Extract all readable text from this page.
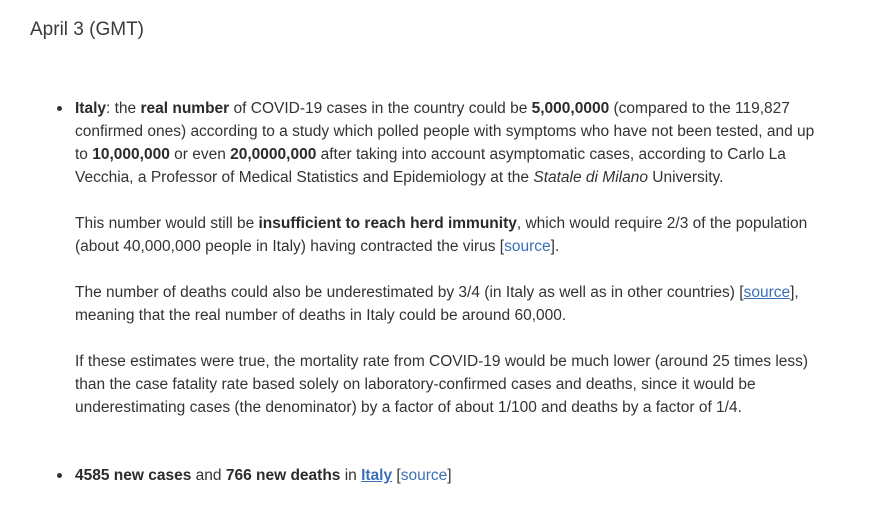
April 3 (GMT)

Italy: the real number of COVID-19 cases in the country could be 5,000,0000 (compared to the 119,827 confirmed ones) according to a study which polled people with symptoms who have not been tested, and up to 10,000,000 or even 20,0000,000 after taking into account asymptomatic cases, according to Carlo La Vecchia, a Professor of Medical Statistics and Epidemiology at the Statale di Milano University.

This number would still be insufficient to reach herd immunity, which would require 2/3 of the population (about 40,000,000 people in Italy) having contracted the virus [source].

The number of deaths could also be underestimated by 3/4 (in Italy as well as in other countries) [source], meaning that the real number of deaths in Italy could be around 60,000.

If these estimates were true, the mortality rate from COVID-19 would be much lower (around 25 times less) than the case fatality rate based solely on laboratory-confirmed cases and deaths, since it would be underestimating cases (the denominator) by a factor of about 1/100 and deaths by a factor of 1/4.

4585 new cases and 766 new deaths in Italy [source]
